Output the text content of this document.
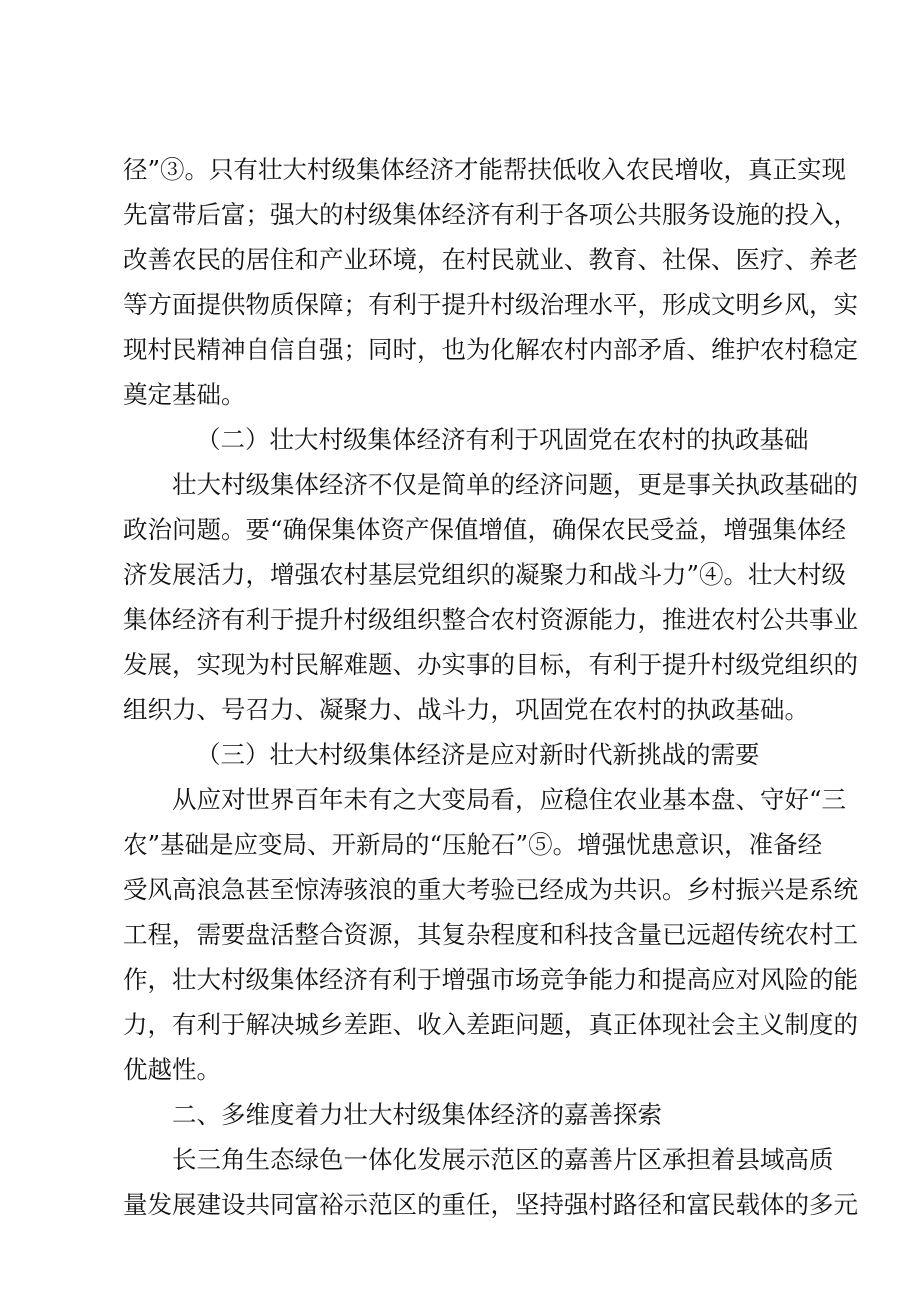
径”③。只有壮大村级集体经济才能帮扶低收入农民增收，真正实现
先富带后富；强大的村级集体经济有利于各项公共服务设施的投入，
改善农民的居住和产业环境，在村民就业、教育、社保、医疗、养老
等方面提供物质保障；有利于提升村级治理水平，形成文明乡风，实
现村民精神自信自强；同时，也为化解农村内部矛盾、维护农村稳定
奠定基础。
（二）壮大村级集体经济有利于巩固党在农村的执政基础
壮大村级集体经济不仅是简单的经济问题，更是事关执政基础的
政治问题。要“确保集体资产保值增值，确保农民受益，增强集体经
济发展活力，增强农村基层党组织的凝聚力和战斗力”④。壮大村级
集体经济有利于提升村级组织整合农村资源能力，推进农村公共事业
发展，实现为村民解难题、办实事的目标，有利于提升村级党组织的
组织力、号召力、凝聚力、战斗力，巩固党在农村的执政基础。
（三）壮大村级集体经济是应对新时代新挑战的需要
从应对世界百年未有之大变局看，应稳住农业基本盘、守好“三
农”基础是应变局、开新局的“压舱石”⑤。增强忧患意识，准备经
受风高浪急甚至惊涛骇浪的重大考验已经成为共识。乡村振兴是系统
工程，需要盘活整合资源，其复杂程度和科技含量已远超传统农村工
作，壮大村级集体经济有利于增强市场竞争能力和提高应对风险的能
力，有利于解决城乡差距、收入差距问题，真正体现社会主义制度的
优越性。
二、多维度着力壮大村级集体经济的嘉善探索
长三角生态绿色一体化发展示范区的嘉善片区承担着县域高质
量发展建设共同富裕示范区的重任，坚持强村路径和富民载体的多元
